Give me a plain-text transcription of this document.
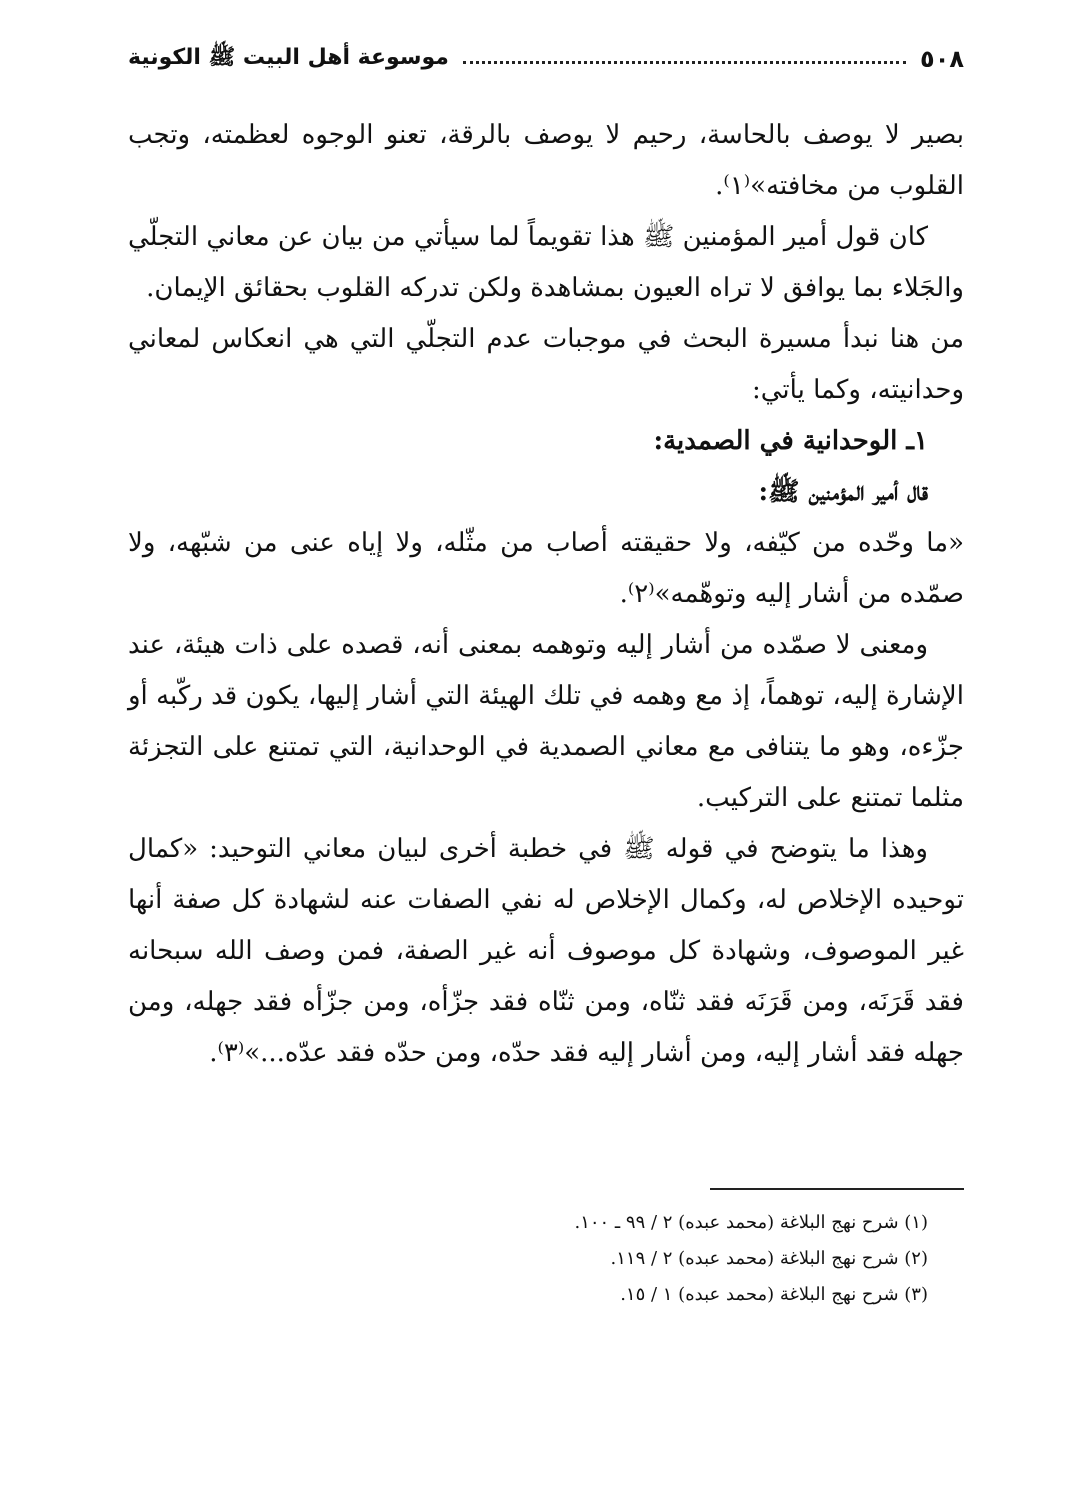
٥٠٨
موسوعة أهل البيت ﷺ الكونية

بصير لا يوصف بالحاسة، رحيم لا يوصف بالرقة، تعنو الوجوه لعظمته، وتجب القلوب من مخافته»⁽١⁾.

كان قول أمير المؤمنين ﷺ هذا تقويماً لما سيأتي من بيان عن معاني التجلّي والجَلاء بما يوافق لا تراه العيون بمشاهدة ولكن تدركه القلوب بحقائق الإيمان.

من هنا نبدأ مسيرة البحث في موجبات عدم التجلّي التي هي انعكاس لمعاني وحدانيته، وكما يأتي:

١ـ الوحدانية في الصمدية:

قال أمير المؤمنين ﷺ:

«ما وحّده من كيّفه، ولا حقيقته أصاب من مثّله، ولا إياه عنى من شبّهه، ولا صمّده من أشار إليه وتوهّمه»⁽٢⁾.

ومعنى لا صمّده من أشار إليه وتوهمه بمعنى أنه، قصده على ذات هيئة، عند الإشارة إليه، توهماً، إذ مع وهمه في تلك الهيئة التي أشار إليها، يكون قد ركّبه أو جزّءه، وهو ما يتنافى مع معاني الصمدية في الوحدانية، التي تمتنع على التجزئة مثلما تمتنع على التركيب.

وهذا ما يتوضح في قوله ﷺ في خطبة أخرى لبيان معاني التوحيد: «كمال توحيده الإخلاص له، وكمال الإخلاص له نفي الصفات عنه لشهادة كل صفة أنها غير الموصوف، وشهادة كل موصوف أنه غير الصفة، فمن وصف الله سبحانه فقد قَرَنَه، ومن قَرَنَه فقد ثنّاه، ومن ثنّاه فقد جزّأه، ومن جزّأه فقد جهله، ومن جهله فقد أشار إليه، ومن أشار إليه فقد حدّه، ومن حدّه فقد عدّه...»⁽٣⁾.

(١) شرح نهج البلاغة (محمد عبده) ٢ / ٩٩ ـ ١٠٠.

(٢) شرح نهج البلاغة (محمد عبده) ٢ / ١١٩.

(٣) شرح نهج البلاغة (محمد عبده) ١ / ١٥.
